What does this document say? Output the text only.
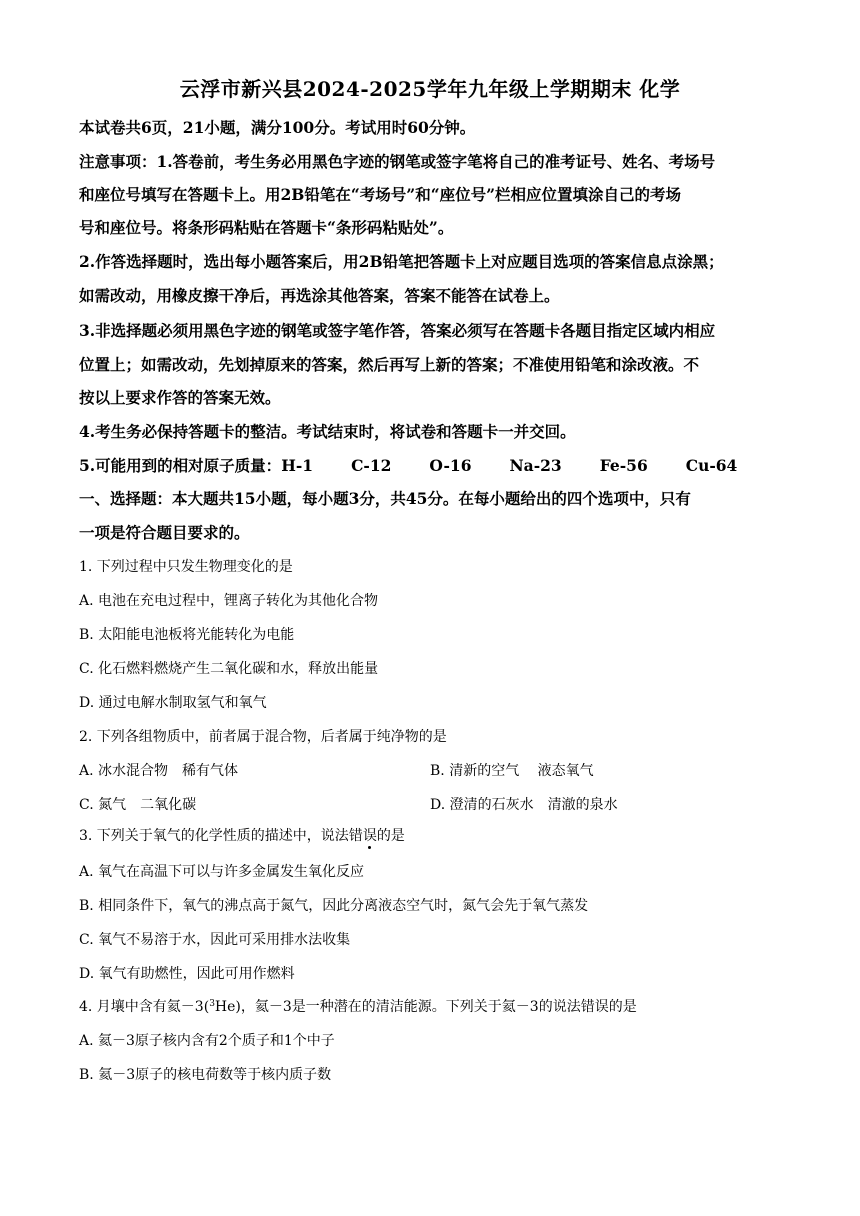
云浮市新兴县2024-2025学年九年级上学期期末 化学
本试卷共6页，21小题，满分100分。考试用时60分钟。
注意事项：1.答卷前，考生务必用黑色字迹的钢笔或签字笔将自己的准考证号、姓名、考场号
和座位号填写在答题卡上。用2B铅笔在“考场号”和“座位号”栏相应位置填涂自己的考场
号和座位号。将条形码粘贴在答题卡“条形码粘贴处”。
2.作答选择题时，选出每小题答案后，用2B铅笔把答题卡上对应题目选项的答案信息点涂黑；
如需改动，用橡皮擦干净后，再选涂其他答案，答案不能答在试卷上。
3.非选择题必须用黑色字迹的钢笔或签字笔作答，答案必须写在答题卡各题目指定区域内相应
位置上；如需改动，先划掉原来的答案，然后再写上新的答案；不准使用铅笔和涂改液。不
按以上要求作答的答案无效。
4.考生务必保持答题卡的整洁。考试结束时，将试卷和答题卡一并交回。
5.可能用到的相对原子质量：H-1 C-12 O-16 Na-23 Fe-56 Cu-64
一、选择题：本大题共15小题，每小题3分，共45分。在每小题给出的四个选项中，只有
一项是符合题目要求的。
1. 下列过程中只发生物理变化的是
A. 电池在充电过程中，锂离子转化为其他化合物
B. 太阳能电池板将光能转化为电能
C. 化石燃料燃烧产生二氧化碳和水，释放出能量
D. 通过电解水制取氢气和氧气
2. 下列各组物质中，前者属于混合物，后者属于纯净物的是
A. 冰水混合物　稀有气体	B. 清新的空气　 液态氧气
C. 氮气　二氧化碳	D. 澄清的石灰水　清澈的泉水
3. 下列关于氧气的化学性质的描述中，说法错误的是
A. 氧气在高温下可以与许多金属发生氧化反应
B. 相同条件下，氧气的沸点高于氮气，因此分离液态空气时，氮气会先于氧气蒸发
C. 氧气不易溶于水，因此可采用排水法收集
D. 氧气有助燃性，因此可用作燃料
4. 月壤中含有氦－3($^3$He)，氦－3是一种潜在的清洁能源。下列关于氦－3的说法错误的是
A. 氦－3原子核内含有2个质子和1个中子
B. 氦－3原子的核电荷数等于核内质子数
